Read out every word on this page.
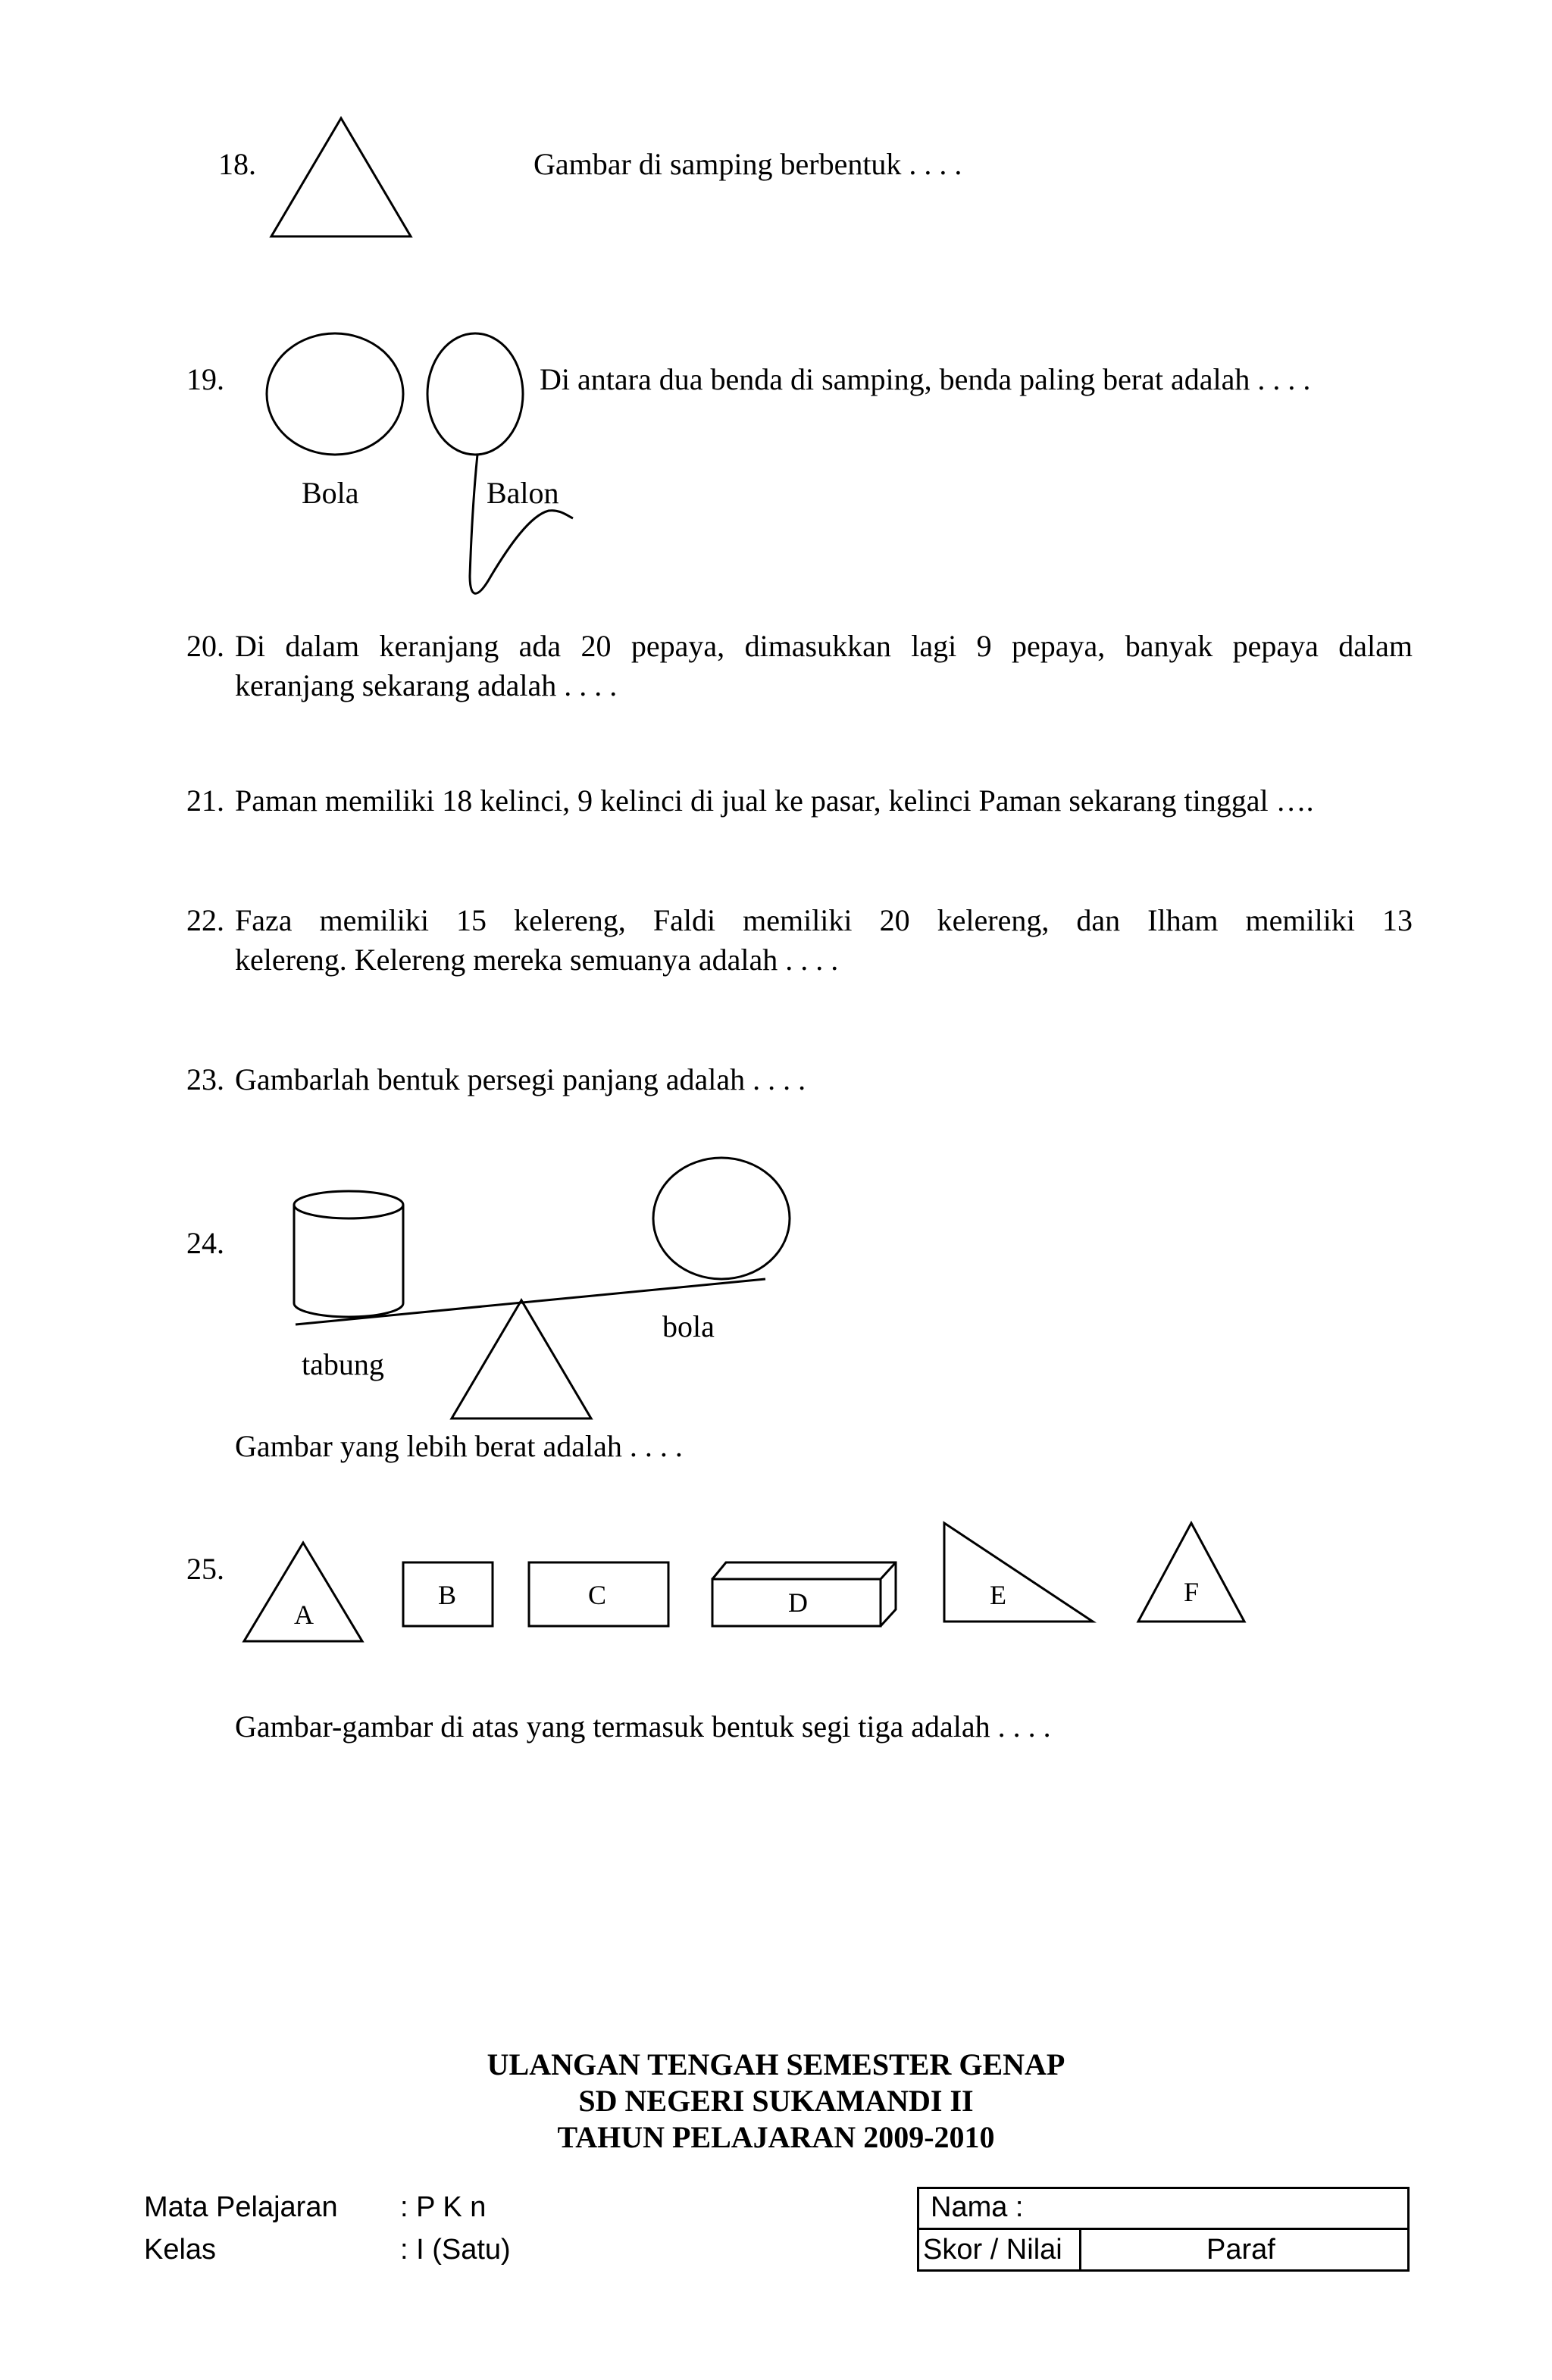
18.	Gambar di samping berbentuk . . . .
19.	Di antara dua benda di samping, benda paling berat adalah . . . .
Bola	Balon
20. Di dalam keranjang ada 20 pepaya, dimasukkan lagi 9 pepaya, banyak pepaya dalam
keranjang sekarang adalah . . . .
21. Paman memiliki 18 kelinci, 9 kelinci di jual ke pasar, kelinci Paman sekarang tinggal ….
22. Faza memiliki 15 kelereng, Faldi memiliki 20 kelereng, dan Ilham memiliki 13
kelereng. Kelereng mereka semuanya adalah . . . .
23. Gambarlah bentuk persegi panjang adalah . . . .
24.
tabung
bola
Gambar yang lebih berat adalah . . . .
25.
A
B	C	D	E	F
Gambar-gambar di atas yang termasuk bentuk segi tiga adalah . . . .
ULANGAN TENGAH SEMESTER GENAP
SD NEGERI SUKAMANDI II
TAHUN PELAJARAN 2009-2010
Mata Pelajaran : P K n
Kelas	: I (Satu)
Nama :
Skor / Nilai	Paraf
